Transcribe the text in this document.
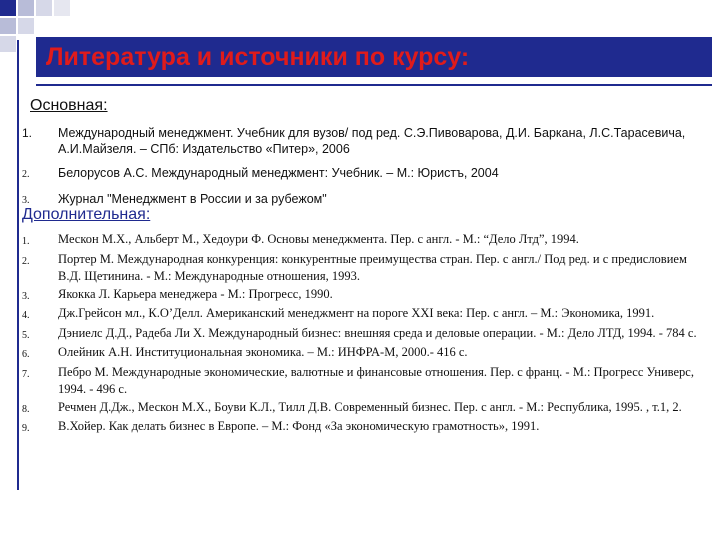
Литература и источники по курсу:
Основная:
1.	Международный менеджмент. Учебник для вузов/ под ред. С.Э.Пивоварова, Д.И. Баркана, Л.С.Тарасевича, А.И.Майзеля. – СПб: Издательство «Питер», 2006
2.	Белорусов А.С. Международный менеджмент: Учебник. – М.: Юристъ, 2004
3.	Журнал "Менеджмент в России и за рубежом"
Дополнительная:
1.	Мескон М.Х., Альберт М., Хедоури Ф. Основы менеджмента. Пер. с англ. - М.: “Дело Лтд”, 1994.
2.	Портер М. Международная конкуренция: конкурентные преимущества стран. Пер. с англ./ Под ред. и с предисловием В.Д. Щетинина. - М.: Международные отношения, 1993.
3.	Якокка Л. Карьера менеджера - М.: Прогресс, 1990.
4.	Дж.Грейсон мл., К.О’Делл. Американский менеджмент на пороге XXI века: Пер. с англ. – М.: Экономика, 1991.
5.	Дэниелс Д.Д., Радеба Ли Х. Международный бизнес: внешняя среда и деловые операции. - М.: Дело ЛТД, 1994. - 784 с.
6.	Олейник А.Н. Институциональная экономика. – М.: ИНФРА-М, 2000.- 416 с.
7.	Пебро М. Международные экономические, валютные и финансовые отношения. Пер. с франц. - М.: Прогресс Универс, 1994. - 496 с.
8.	Речмен Д.Дж., Мескон М.Х., Боуви К.Л., Тилл Д.В. Современный бизнес. Пер. с англ. - М.: Республика, 1995. , т.1, 2.
9.	В.Хойер. Как делать бизнес в Европе. – М.: Фонд «За экономическую грамотность», 1991.
